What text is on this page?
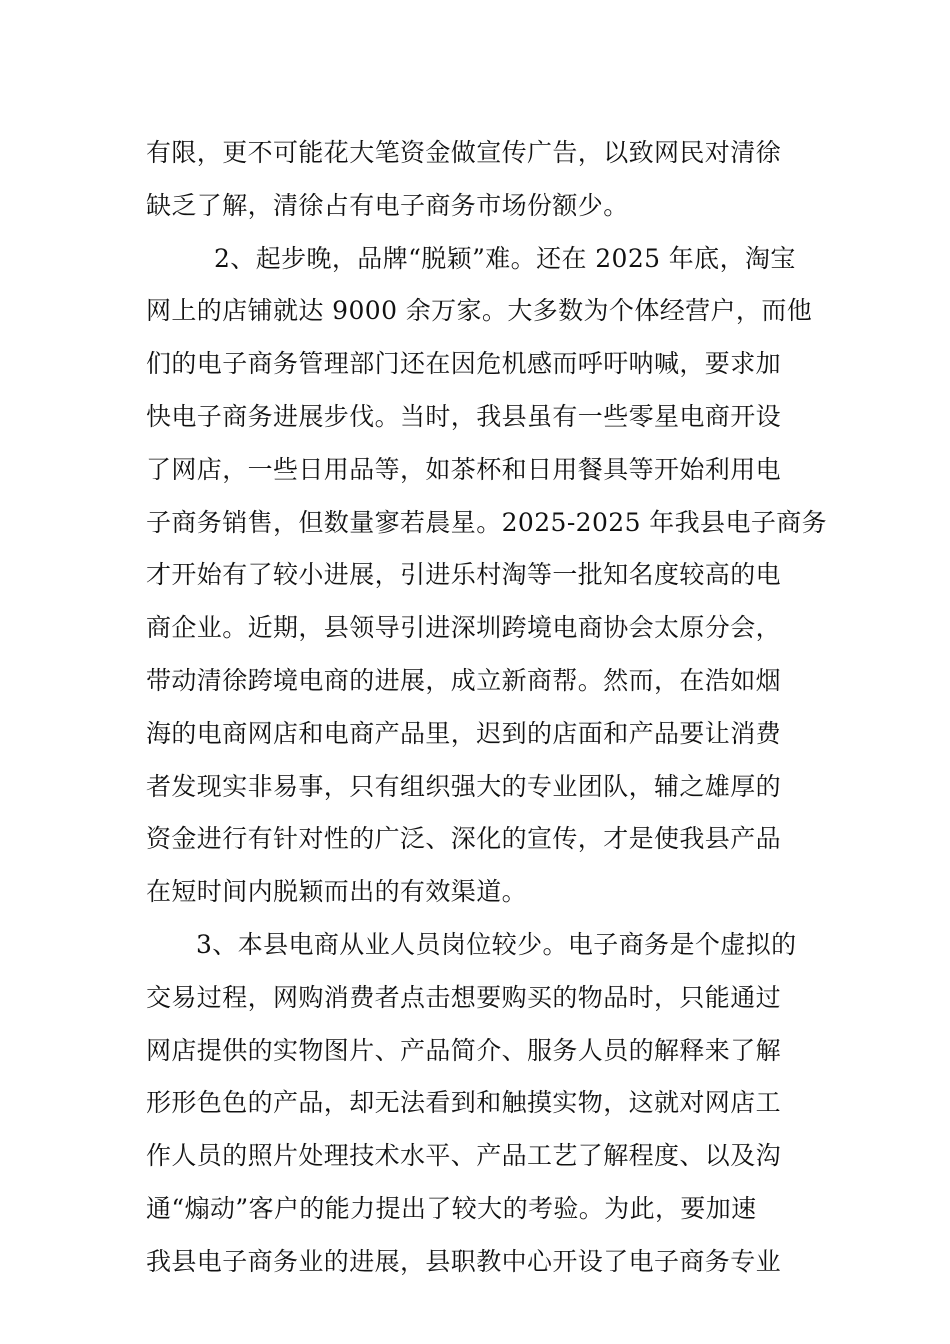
有限，更不可能花大笔资金做宣传广告，以致网民对清徐
缺乏了解，清徐占有电子商务市场份额少。
2、起步晚，品牌“脱颖”难。还在 2025 年底，淘宝
网上的店铺就达 9000 余万家。大多数为个体经营户，而他
们的电子商务管理部门还在因危机感而呼吁呐喊，要求加
快电子商务进展步伐。当时，我县虽有一些零星电商开设
了网店，一些日用品等，如茶杯和日用餐具等开始利用电
子商务销售，但数量寥若晨星。2025-2025 年我县电子商务
才开始有了较小进展，引进乐村淘等一批知名度较高的电
商企业。近期，县领导引进深圳跨境电商协会太原分会，
带动清徐跨境电商的进展，成立新商帮。然而，在浩如烟
海的电商网店和电商产品里，迟到的店面和产品要让消费
者发现实非易事，只有组织强大的专业团队，辅之雄厚的
资金进行有针对性的广泛、深化的宣传，才是使我县产品
在短时间内脱颖而出的有效渠道。
3、本县电商从业人员岗位较少。电子商务是个虚拟的
交易过程，网购消费者点击想要购买的物品时，只能通过
网店提供的实物图片、产品简介、服务人员的解释来了解
形形色色的产品，却无法看到和触摸实物，这就对网店工
作人员的照片处理技术水平、产品工艺了解程度、以及沟
通“煽动”客户的能力提出了较大的考验。为此，要加速
我县电子商务业的进展，县职教中心开设了电子商务专业
